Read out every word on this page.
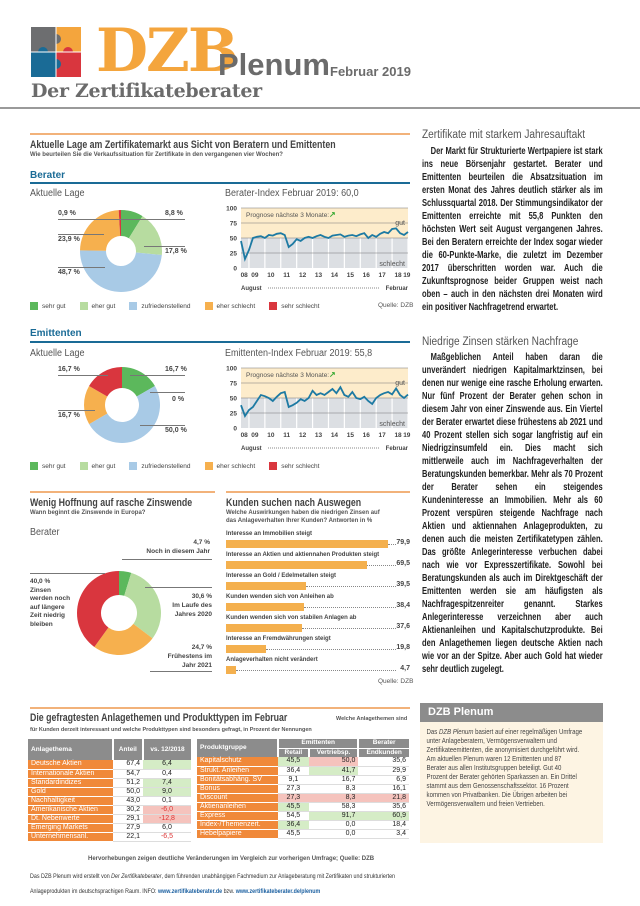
DZB
Plenum Februar 2019
Der Zertifikateberater
Aktuelle Lage am Zertifikatemarkt aus Sicht von Beratern und Emittenten
Wie beurteilen Sie die Verkaufssituation für Zertifikate in den vergangenen vier Wochen?
Berater
Aktuelle Lage	Berater-Index Februar 2019: 60,0
0,9 %	8,8 %
23,9 %
17,8 %
48,7 %	08 09 10 11 12 13 14 15 16 17 18 19
0
25
50
75
100
Prognose nächste 3 Monate: ↗
gut
schlecht
August	Februar
sehr gut	eher gut	zufriedenstellend	eher schlecht	sehr schlecht	Quelle: DZB
Emittenten
Aktuelle Lage	Emittenten-Index Februar 2019: 55,8
16,7 %	16,7 %
0 %
16,7 %
50,0 %
08 09 10 11 12 13 14 15 16 17 18 19
0
25
50
75
100
Prognose nächste 3 Monate: ↗
gut
schlecht
August	Februar
sehr gut	eher gut	zufriedenstellend	eher schlecht	sehr schlecht
Wenig Hoffnung auf rasche Zinswende
Wann beginnt die Zinswende in Europa?
Berater
40,0 %
Zinsen werden noch auf längere Zeit niedrig bleiben
4,7 %
Noch in diesem Jahr
30,6 %
Im Laufe des Jahres 2020
24,7 %
Frühestens im Jahr 2021
Kunden suchen nach Auswegen
Welche Auswirkungen haben die niedrigen Zinsen auf
das Anlageverhalten Ihrer Kunden? Antworten in %
Interesse an Immobilien steigt
79,9
Interesse an Aktien und aktiennahen Produkten steigt
69,5
Interesse an Gold / Edelmetallen steigt
39,5
Kunden wenden sich von Anleihen ab
38,4
Kunden wenden sich von stabilen Anlagen ab
37,6
Interesse an Fremdwährungen steigt
19,8
Anlageverhalten nicht verändert
4,7
Quelle: DZB
Die gefragtesten Anlagethemen und Produkttypen im Februar	Welche Anlagethemen sind
für Kunden derzeit interessant und welche Produkttypen sind besonders gefragt, in Prozent der Nennungen
Anlagethema	Anteil	vs. 12/2018
Deutsche Aktien	67,4	6,4
Internationale Aktien	54,7	0,4
Standardindizes	51,2	7,4
Gold	50,0	9,0
Nachhaltigkeit	43,0	0,1
Amerikanische Aktien	30,2	-6,0
Dt. Nebenwerte	29,1	-12,8
Emerging Markets	27,9	6,0
Unternehmensanl.	22,1	-6,5
Produktgruppe	Emittenten		Berater
	Retail	Vertriebsp.	Endkunden
Kapitalschutz	45,5	50,0	35,6
Strukt. Anleihen	36,4	41,7	29,9
Bonitätsabhäng. SV	9,1	16,7	6,9
Bonus	27,3	8,3	16,1
Discount	27,3	8,3	21,8
Aktienanleihen	45,5	58,3	35,6
Express	54,5	91,7	60,9
Index-/Themenzert.	36,4	0,0	18,4
Hebelpapiere	45,5	0,0	3,4
Hervorhebungen zeigen deutliche Veränderungen im Vergleich zur vorherigen Umfrage; Quelle: DZB
Das DZB Plenum wird erstellt von Der Zertifikateberater, dem führenden unabhängigen Fachmedium zur Anlageberatung mit Zertifikaten und strukturierten Anlageprodukten im deutschsprachigen Raum. INFO: www.zertifikateberater.de bzw. www.zertifikateberater.de/plenum
Zertifikate mit starkem Jahresauftakt

Der Markt für Strukturierte Wertpapiere ist stark ins neue Börsenjahr gestartet. Berater und Emittenten beurteilen die Absatzsituation im ersten Monat des Jahres deutlich stärker als im Schlussquartal 2018. Der Stimmungsindikator der Emittenten erreichte mit 55,8 Punkten den höchsten Wert seit August vergangenen Jahres. Bei den Beratern erreichte der Index sogar wieder die 60-Punkte-Marke, die zuletzt im Dezember 2017 überschritten worden war. Auch die Zukunftsprognose beider Gruppen weist nach oben – auch in den nächsten drei Monaten wird ein positiver Nachfragetrend erwartet.

Niedrige Zinsen stärken Nachfrage

Maßgeblichen Anteil haben daran die unverändert niedrigen Kapitalmarktzinsen, bei denen nur wenige eine rasche Erholung erwarten. Nur fünf Prozent der Berater gehen schon in diesem Jahr von einer Zinswende aus. Ein Viertel der Berater erwartet diese frühestens ab 2021 und 40 Prozent stellen sich sogar langfristig auf ein Niedrigzinsumfeld ein. Dies macht sich mittlerweile auch im Nachfrageverhalten der Beratungskunden bemerkbar. Mehr als 70 Prozent der Berater sehen ein steigendes Kundeninteresse an Immobilien. Mehr als 60 Prozent verspüren steigende Nachfrage nach Aktien und aktiennahen Anlageprodukten, zu denen auch die meisten Zertifikatetypen zählen. Das größte Anlegerinteresse verbuchen dabei nach wie vor Expresszertifikate. Sowohl bei Beratungskunden als auch im Direktgeschäft der Emittenten werden sie am häufigsten als Nachfragespitzenreiter genannt. Starkes Anlegerinteresse verzeichnen aber auch Aktienanleihen und Kapitalschutzprodukte. Bei den Anlagethemen liegen deutsche Aktien nach wie vor an der Spitze. Aber auch Gold hat wieder sehr deutlich zugelegt.

DZB Plenum
Das DZB Plenum basiert auf einer regelmäßigen Umfrage unter Anlageberatern, Vermögensverwaltern und Zertifikateemittenten, die anonymisiert durchgeführt wird. Am aktuellen Plenum waren 12 Emittenten und 87 Berater aus allen Institutsgruppen beteiligt. Gut 40 Prozent der Berater gehörten Sparkassen an. Ein Drittel stammt aus dem Genossenschaftssektor. 16 Prozent kommen von Privatbanken. Die Übrigen arbeiten bei Vermögensverwaltern und freien Vertrieben.
